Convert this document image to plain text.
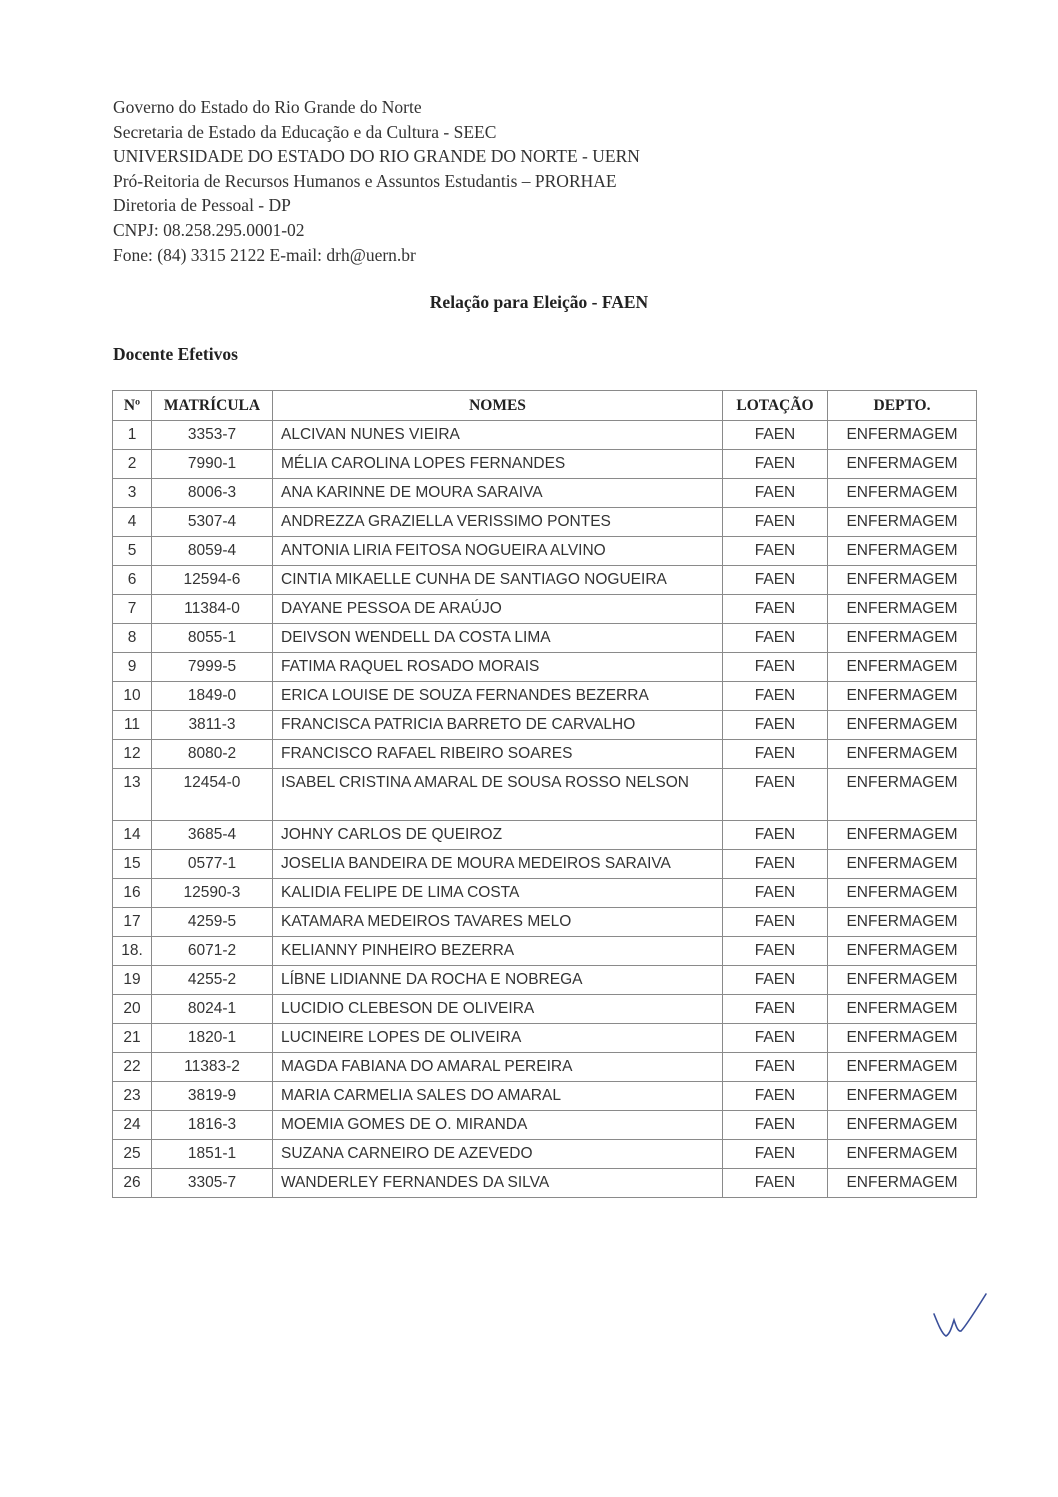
Governo do Estado do Rio Grande do Norte
Secretaria de Estado da Educação e da Cultura - SEEC
UNIVERSIDADE DO ESTADO DO RIO GRANDE DO NORTE - UERN
Pró-Reitoria de Recursos Humanos e Assuntos Estudantis – PRORHAE
Diretoria de Pessoal - DP
CNPJ: 08.258.295.0001-02
Fone: (84) 3315 2122 E-mail: drh@uern.br
Relação para Eleição - FAEN
Docente Efetivos
Nº	MATRÍCULA	NOMES	LOTAÇÃO	DEPTO.
1	3353-7	ALCIVAN NUNES VIEIRA	FAEN	ENFERMAGEM
2	7990-1	MÉLIA CAROLINA LOPES FERNANDES	FAEN	ENFERMAGEM
3	8006-3	ANA KARINNE DE MOURA SARAIVA	FAEN	ENFERMAGEM
4	5307-4	ANDREZZA GRAZIELLA VERISSIMO PONTES	FAEN	ENFERMAGEM
5	8059-4	ANTONIA LIRIA FEITOSA NOGUEIRA ALVINO	FAEN	ENFERMAGEM
6	12594-6	CINTIA MIKAELLE CUNHA DE SANTIAGO NOGUEIRA	FAEN	ENFERMAGEM
7	11384-0	DAYANE PESSOA DE ARAÚJO	FAEN	ENFERMAGEM
8	8055-1	DEIVSON WENDELL DA COSTA LIMA	FAEN	ENFERMAGEM
9	7999-5	FATIMA RAQUEL ROSADO MORAIS	FAEN	ENFERMAGEM
10	1849-0	ERICA LOUISE DE SOUZA FERNANDES BEZERRA	FAEN	ENFERMAGEM
11	3811-3	FRANCISCA PATRICIA BARRETO DE CARVALHO	FAEN	ENFERMAGEM
12	8080-2	FRANCISCO RAFAEL RIBEIRO SOARES	FAEN	ENFERMAGEM
13	12454-0	ISABEL CRISTINA AMARAL DE SOUSA ROSSO NELSON	FAEN	ENFERMAGEM
14	3685-4	JOHNY CARLOS DE QUEIROZ	FAEN	ENFERMAGEM
15	0577-1	JOSELIA BANDEIRA DE MOURA MEDEIROS SARAIVA	FAEN	ENFERMAGEM
16	12590-3	KALIDIA FELIPE DE LIMA COSTA	FAEN	ENFERMAGEM
17	4259-5	KATAMARA MEDEIROS TAVARES MELO	FAEN	ENFERMAGEM
18.	6071-2	KELIANNY PINHEIRO BEZERRA	FAEN	ENFERMAGEM
19	4255-2	LÍBNE LIDIANNE DA ROCHA E NOBREGA	FAEN	ENFERMAGEM
20	8024-1	LUCIDIO CLEBESON DE OLIVEIRA	FAEN	ENFERMAGEM
21	1820-1	LUCINEIRE LOPES DE OLIVEIRA	FAEN	ENFERMAGEM
22	11383-2	MAGDA FABIANA DO AMARAL PEREIRA	FAEN	ENFERMAGEM
23	3819-9	MARIA CARMELIA SALES DO AMARAL	FAEN	ENFERMAGEM
24	1816-3	MOEMIA GOMES DE O. MIRANDA	FAEN	ENFERMAGEM
25	1851-1	SUZANA CARNEIRO DE AZEVEDO	FAEN	ENFERMAGEM
26	3305-7	WANDERLEY FERNANDES DA SILVA	FAEN	ENFERMAGEM
